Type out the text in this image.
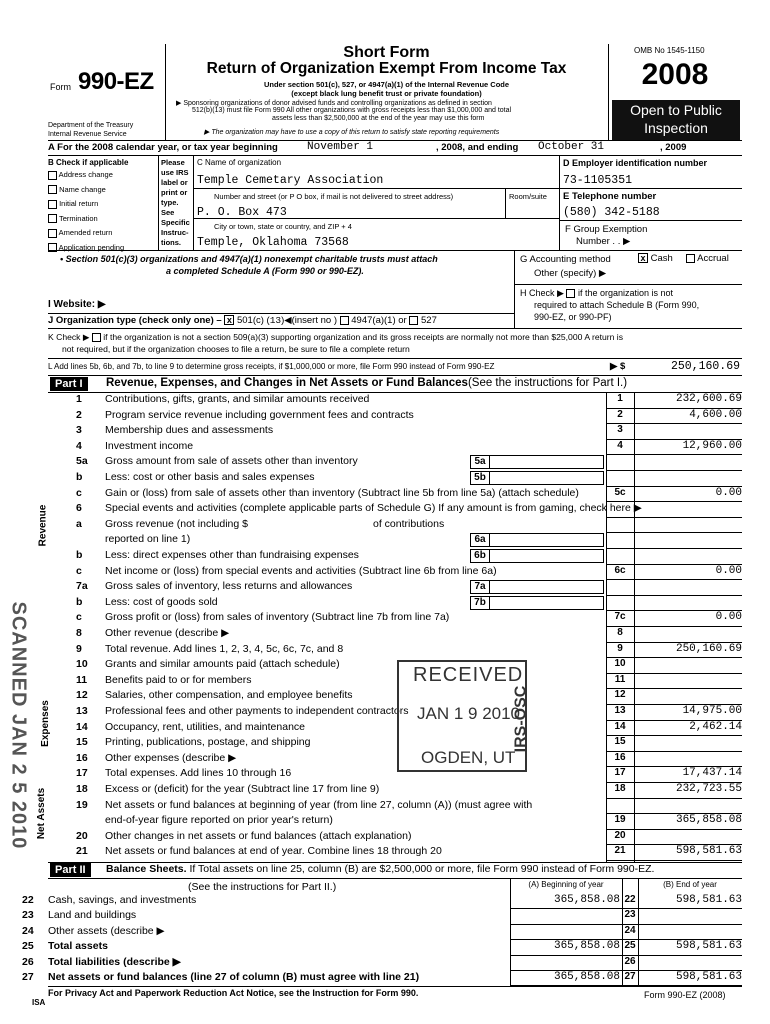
Form 990-EZ
Department of the Treasury
Internal Revenue Service
Short Form
Return of Organization Exempt From Income Tax
Under section 501(c), 527, or 4947(a)(1) of the Internal Revenue Code
(except black lung benefit trust or private foundation)
▶ Sponsoring organizations of donor advised funds and controlling organizations as defined in section
512(b)(13) must file Form 990 All other organizations with gross receipts less than $1,000,000 and total
assets less than $2,500,000 at the end of the year may use this form
▶ The organization may have to use a copy of this return to satisfy state reporting requirements
OMB No 1545-1150
2008
Open to Public
Inspection
A For the 2008 calendar year, or tax year beginning	November 1	, 2008, and ending October 31	, 2009
B Check if applicable
Address change
Name change
Initial return
Termination
Amended return
Application pending
Please
use IRS
label or
print or
type.
See
Specific
Instruc-
tions.
C Name of organization
Temple Cemetary Association
Number and street (or P O box, if mail is not delivered to street address)	Room/suite
P. O. Box 473
City or town, state or country, and ZIP + 4
Temple, Oklahoma 73568
D Employer identification number
73-1105351
E Telephone number
(580) 342-5188
F Group Exemption
Number . . ▶
• Section 501(c)(3) organizations and 4947(a)(1) nonexempt charitable trusts must attach
a completed Schedule A (Form 990 or 990-EZ).
G Accounting method	x Cash	Accrual
Other (specify) ▶
H Check ▶ if the organization is not
required to attach Schedule B (Form 990,
990-EZ, or 990-PF)
I Website: ▶
J Organization type (check only one) – x 501(c) (13)◀(insert no ) 4947(a)(1) or 527
K Check ▶ if the organization is not a section 509(a)(3) supporting organization and its gross receipts are normally not more than $25,000 A return is
not required, but if the organization chooses to file a return, be sure to file a complete return
L Add lines 5b, 6b, and 7b, to line 9 to determine gross receipts, if $1,000,000 or more, file Form 990 instead of Form 990-EZ	▶ $	250,160.69
Part I	Revenue, Expenses, and Changes in Net Assets or Fund Balances(See the instructions for Part I.)
Revenue
Expenses
Net Assets
1	Contributions, gifts, grants, and similar amounts received	1	232,600.69
2	Program service revenue including government fees and contracts	2	4,600.00
3	Membership dues and assessments	3
4	Investment income	4	12,960.00
5a	Gross amount from sale of assets other than inventory	5a
b	Less: cost or other basis and sales expenses	5b
c	Gain or (loss) from sale of assets other than inventory (Subtract line 5b from line 5a) (attach schedule)	5c	0.00
6	Special events and activities (complete applicable parts of Schedule G) If any amount is from gaming, check here ▶
a	Gross revenue (not including $	of contributions
reported on line 1)	6a
b	Less: direct expenses other than fundraising expenses	6b
c	Net income or (loss) from special events and activities (Subtract line 6b from line 6a)	6c	0.00
7a	Gross sales of inventory, less returns and allowances	7a
b	Less: cost of goods sold	7b
c	Gross profit or (loss) from sales of inventory (Subtract line 7b from line 7a)	7c	0.00
8	Other revenue (describe ▶	8
9	Total revenue. Add lines 1, 2, 3, 4, 5c, 6c, 7c, and 8	9	250,160.69
10	Grants and similar amounts paid (attach schedule)	10
11	Benefits paid to or for members	11
12	Salaries, other compensation, and employee benefits	12
13	Professional fees and other payments to independent contractors	13	14,975.00
14	Occupancy, rent, utilities, and maintenance	14	2,462.14
15	Printing, publications, postage, and shipping	15
16	Other expenses (describe ▶	16
17	Total expenses. Add lines 10 through 16	17	17,437.14
18	Excess or (deficit) for the year (Subtract line 17 from line 9)	18	232,723.55
19	Net assets or fund balances at beginning of year (from line 27, column (A)) (must agree with
end-of-year figure reported on prior year's return)	19	365,858.08
20	Other changes in net assets or fund balances (attach explanation)	20
21	Net assets or fund balances at end of year. Combine lines 18 through 20	21	598,581.63
Part II	Balance Sheets. If Total assets on line 25, column (B) are $2,500,000 or more, file Form 990 instead of Form 990-EZ.
(See the instructions for Part II.)	(A) Beginning of year	(B) End of year
22	Cash, savings, and investments	365,858.08 22	598,581.63
23	Land and buildings	23
24	Other assets (describe ▶	24
25	Total assets	365,858.08 25	598,581.63
26	Total liabilities (describe ▶	26
27	Net assets or fund balances (line 27 of column (B) must agree with line 21)	365,858.08 27	598,581.63
For Privacy Act and Paperwork Reduction Act Notice, see the Instruction for Form 990.
ISA
Form 990-EZ (2008)
RECEIVED
JAN 1 9 2010
OGDEN, UT
IRS-OSC
SCANNED JAN 2 5 2010
